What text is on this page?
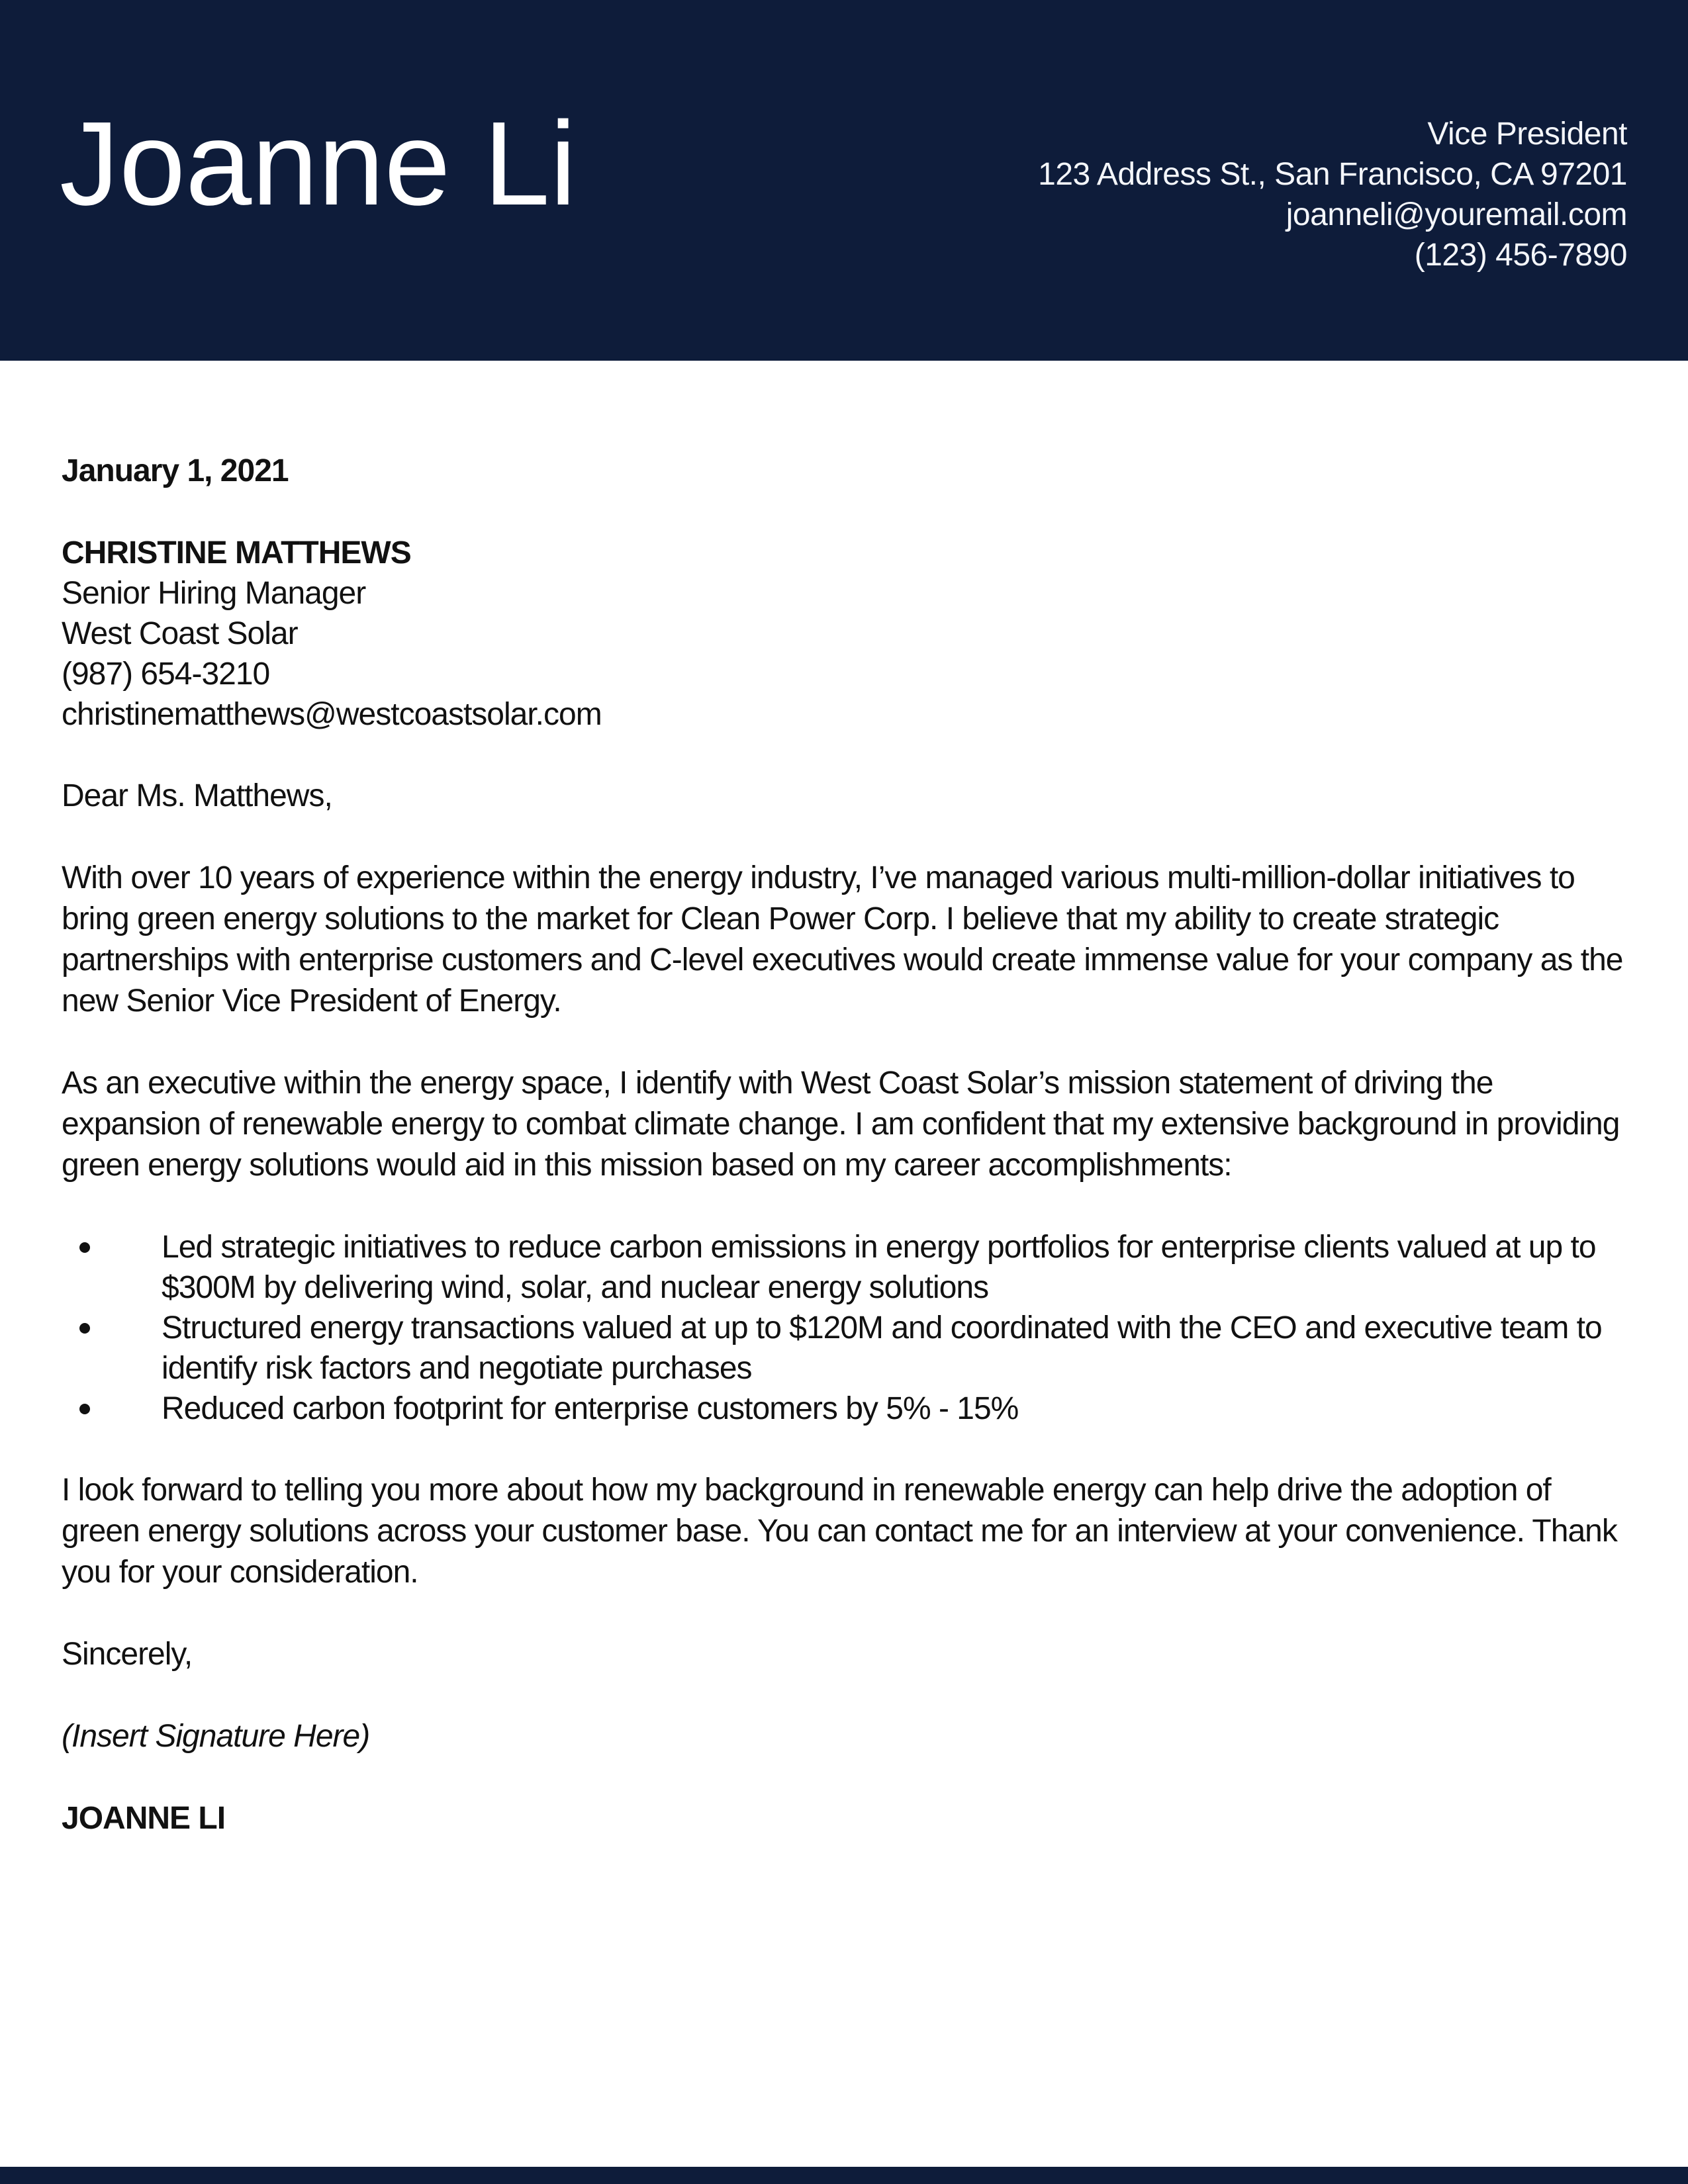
Joanne Li	Vice President
123 Address St., San Francisco, CA 97201
joanneli@youremail.com
(123) 456-7890

January 1, 2021

CHRISTINE MATTHEWS
Senior Hiring Manager
West Coast Solar
(987) 654-3210
christinematthews@westcoastsolar.com

Dear Ms. Matthews,

With over 10 years of experience within the energy industry, I’ve managed various multi-million-dollar initiatives to bring green energy solutions to the market for Clean Power Corp. I believe that my ability to create strategic partnerships with enterprise customers and C-level executives would create immense value for your company as the new Senior Vice President of Energy.

As an executive within the energy space, I identify with West Coast Solar’s mission statement of driving the expansion of renewable energy to combat climate change. I am confident that my extensive background in providing green energy solutions would aid in this mission based on my career accomplishments:

Led strategic initiatives to reduce carbon emissions in energy portfolios for enterprise clients valued at up to $300M by delivering wind, solar, and nuclear energy solutions
Structured energy transactions valued at up to $120M and coordinated with the CEO and executive team to identify risk factors and negotiate purchases
Reduced carbon footprint for enterprise customers by 5% - 15%

I look forward to telling you more about how my background in renewable energy can help drive the adoption of green energy solutions across your customer base. You can contact me for an interview at your convenience. Thank you for your consideration.

Sincerely,

(Insert Signature Here)

JOANNE LI
